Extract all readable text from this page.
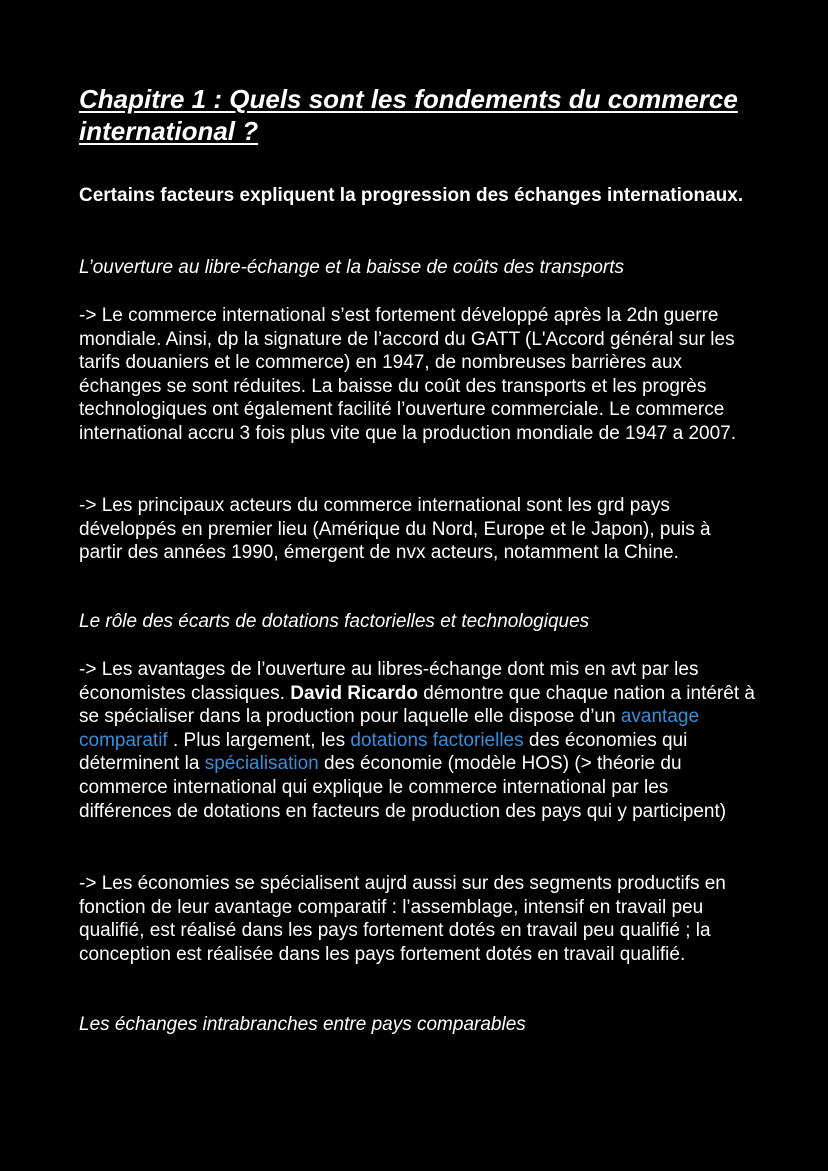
Chapitre 1 : Quels sont les fondements du commerce international ?

Certains facteurs expliquent la progression des échanges internationaux.

L’ouverture au libre-échange et la baisse de coûts des transports

-> Le commerce international s’est fortement développé après la 2dn guerre mondiale. Ainsi, dp la signature de l’accord du GATT (L'Accord général sur les tarifs douaniers et le commerce) en 1947, de nombreuses barrières aux échanges se sont réduites. La baisse du coût des transports et les progrès technologiques ont également facilité l’ouverture commerciale. Le commerce international accru 3 fois plus vite que la production mondiale de 1947 a 2007.

-> Les principaux acteurs du commerce international sont les grd pays développés en premier lieu (Amérique du Nord, Europe et le Japon), puis à partir des années 1990, émergent de nvx acteurs, notamment la Chine.

Le rôle des écarts de dotations factorielles et technologiques

-> Les avantages de l’ouverture au libres-échange dont mis en avt par les économistes classiques. David Ricardo démontre que chaque nation a intérêt à se spécialiser dans la production pour laquelle elle dispose d’un avantage comparatif . Plus largement, les dotations factorielles des économies qui déterminent la spécialisation des économie (modèle HOS) (> théorie du commerce international qui explique le commerce international par les différences de dotations en facteurs de production des pays qui y participent)

-> Les économies se spécialisent aujrd aussi sur des segments productifs en fonction de leur avantage comparatif : l’assemblage, intensif en travail peu qualifié, est réalisé dans les pays fortement dotés en travail peu qualifié ; la conception est réalisée dans les pays fortement dotés en travail qualifié.

Les échanges intrabranches entre pays comparables
